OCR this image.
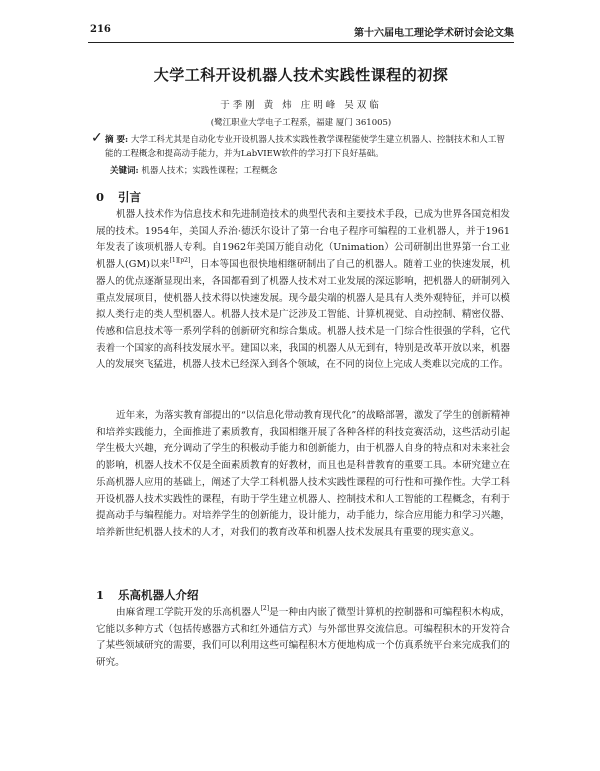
216	第十六届电工理论学术研讨会论文集
大学工科开设机器人技术实践性课程的初探
于季刚 黄 炜 庄明峰 吴双临
(鹭江职业大学电子工程系，福建 厦门 361005)
✓ 摘 要: 大学工科尤其是自动化专业开设机器人技术实践性教学课程能使学生建立机器人、控制技术和人工智能的工程概念和提高动手能力，并为LabVIEW软件的学习打下良好基础。
关键词: 机器人技术；实践性课程；工程概念
0 引言
机器人技术作为信息技术和先进制造技术的典型代表和主要技术手段，已成为世界各国竞相发展的技术。1954年，美国人乔治·德沃尔设计了第一台电子程序可编程的工业机器人，并于1961年发表了该项机器人专利。自1962年美国万能自动化（Unimation）公司研制出世界第一台工业机器人(GM)以来[1][p2]，日本等国也很快地相继研制出了自己的机器人。随着工业的快速发展，机器人的优点逐渐显现出来，各国都看到了机器人技术对工业发展的深远影响，把机器人的研制列入重点发展项目，使机器人技术得以快速发展。现今最尖端的机器人是具有人类外观特征，并可以模拟人类行走的类人型机器人。机器人技术是广泛涉及工智能、计算机视觉、自动控制、精密仪器、传感和信息技术等一系列学科的创新研究和综合集成。机器人技术是一门综合性很强的学科，它代表着一个国家的高科技发展水平。建国以来，我国的机器人从无到有，特别是改革开放以来，机器人的发展突飞猛进，机器人技术已经深入到各个领域，在不同的岗位上完成人类难以完成的工作。
近年来，为落实教育部提出的“以信息化带动教育现代化”的战略部署，激发了学生的创新精神和培养实践能力，全面推进了素质教育，我国相继开展了各种各样的科技竞赛活动，这些活动引起学生极大兴趣，充分调动了学生的积极动手能力和创新能力，由于机器人自身的特点和对未来社会的影响，机器人技术不仅是全面素质教育的好教材，而且也是科普教育的重要工具。本研究建立在乐高机器人应用的基础上，阐述了大学工科机器人技术实践性课程的可行性和可操作性。大学工科开设机器人技术实践性的课程，有助于学生建立机器人、控制技术和人工智能的工程概念，有利于提高动手与编程能力。对培养学生的创新能力，设计能力，动手能力，综合应用能力和学习兴趣，培养新世纪机器人技术的人才，对我们的教育改革和机器人技术发展具有重要的现实意义。
1 乐高机器人介绍
由麻省理工学院开发的乐高机器人[2]是一种由内嵌了微型计算机的控制器和可编程积木构成，它能以多种方式（包括传感器方式和红外通信方式）与外部世界交流信息。可编程积木的开发符合了某些领域研究的需要，我们可以利用这些可编程积木方便地构成一个仿真系统平台来完成我们的研究。
